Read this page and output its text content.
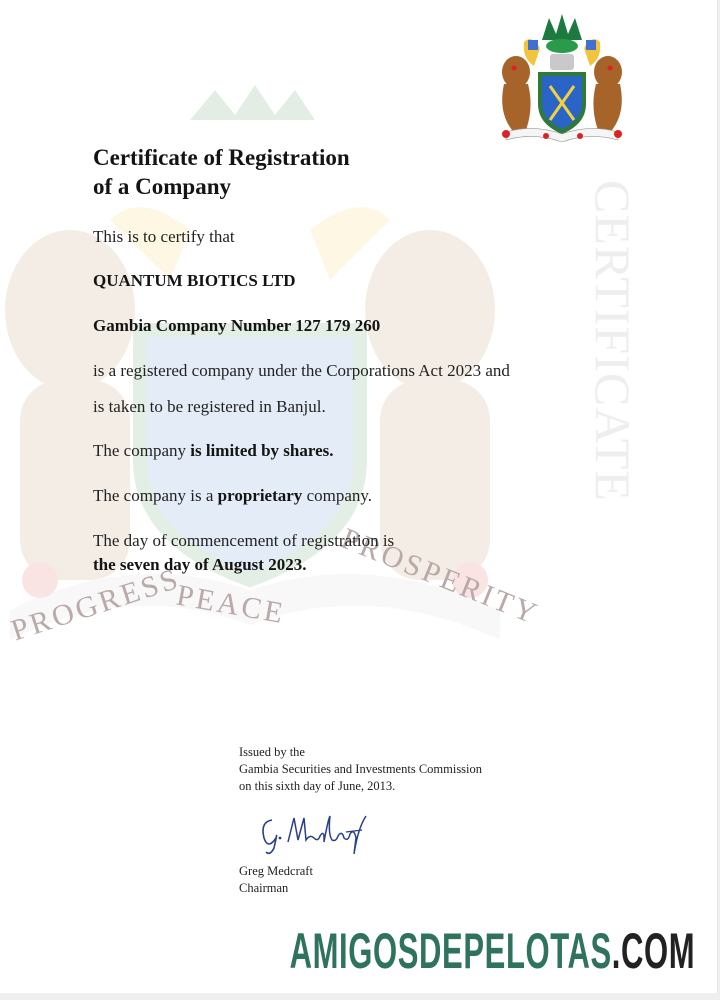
PROGRESS
PEACE PROSPERITY
CERTIFICATE
Certificate of Registration
of a Company
This is to certify that
QUANTUM BIOTICS LTD
Gambia Company Number 127 179 260
is a registered company under the Corporations Act 2023 and
is taken to be registered in Banjul.
The company is limited by shares.
The company is a proprietary company.
The day of commencement of registration is
the seven day of August 2023.
Issued by the
Gambia Securities and Investments Commission
on this sixth day of June, 2013.
Greg Medcraft
Chairman
AMIGOSDEPELOTAS.COM
